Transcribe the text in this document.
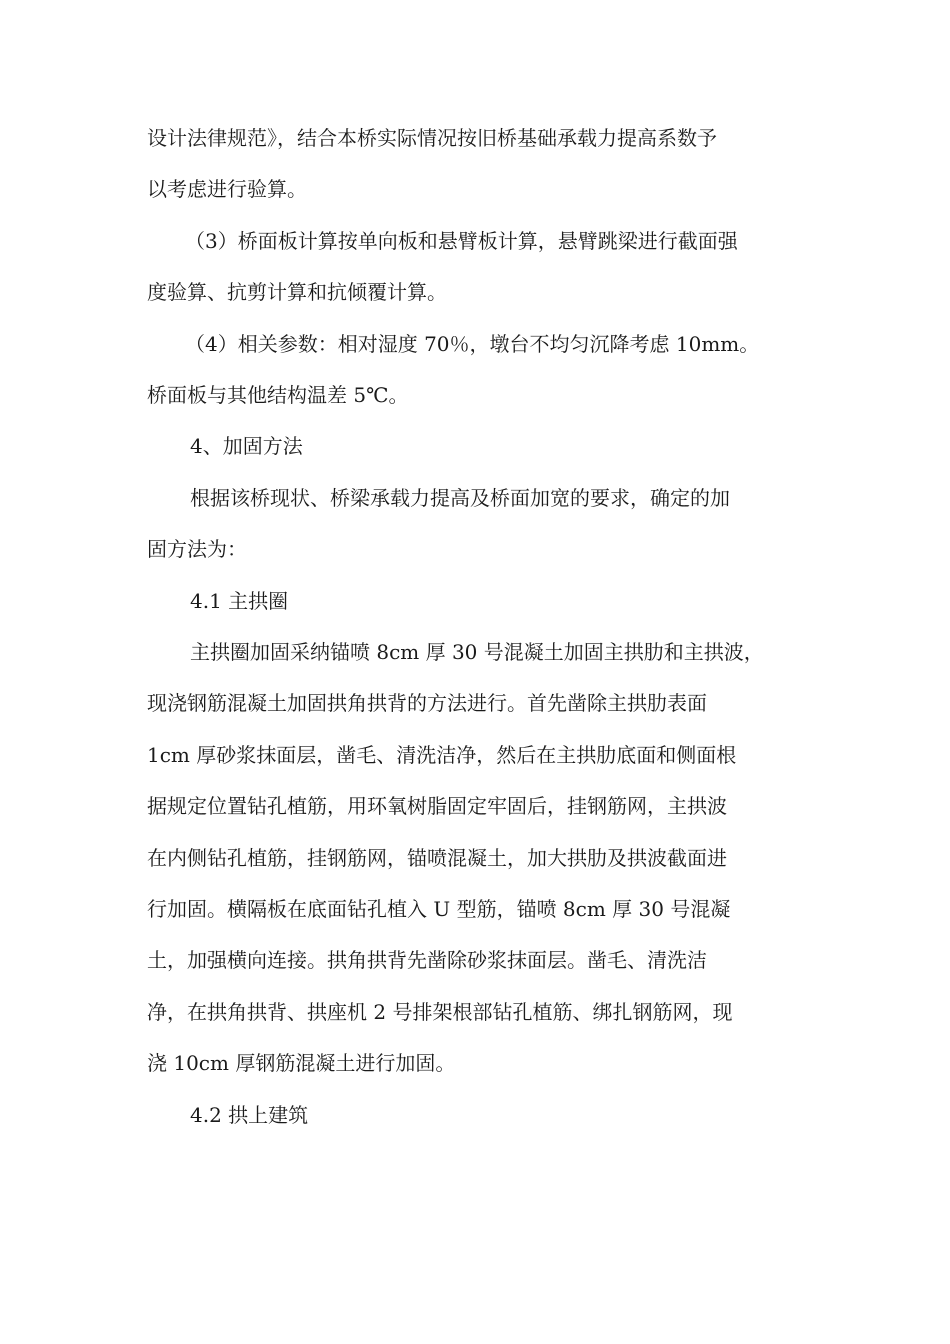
设计法律规范》，结合本桥实际情况按旧桥基础承载力提高系数予
以考虑进行验算。
（3）桥面板计算按单向板和悬臂板计算，悬臂跳梁进行截面强
度验算、抗剪计算和抗倾覆计算。
（4）相关参数：相对湿度 70％，墩台不均匀沉降考虑 10mm。
桥面板与其他结构温差 5℃。
4、加固方法
根据该桥现状、桥梁承载力提高及桥面加宽的要求，确定的加
固方法为：
4.1 主拱圈
主拱圈加固采纳锚喷 8cm 厚 30 号混凝土加固主拱肋和主拱波，
现浇钢筋混凝土加固拱角拱背的方法进行。首先凿除主拱肋表面
1cm 厚砂浆抹面层，凿毛、清洗洁净，然后在主拱肋底面和侧面根
据规定位置钻孔植筋，用环氧树脂固定牢固后，挂钢筋网，主拱波
在内侧钻孔植筋，挂钢筋网，锚喷混凝土，加大拱肋及拱波截面进
行加固。横隔板在底面钻孔植入 U 型筋，锚喷 8cm 厚 30 号混凝
土，加强横向连接。拱角拱背先凿除砂浆抹面层。凿毛、清洗洁
净，在拱角拱背、拱座机 2 号排架根部钻孔植筋、绑扎钢筋网，现
浇 10cm 厚钢筋混凝土进行加固。
4.2 拱上建筑
